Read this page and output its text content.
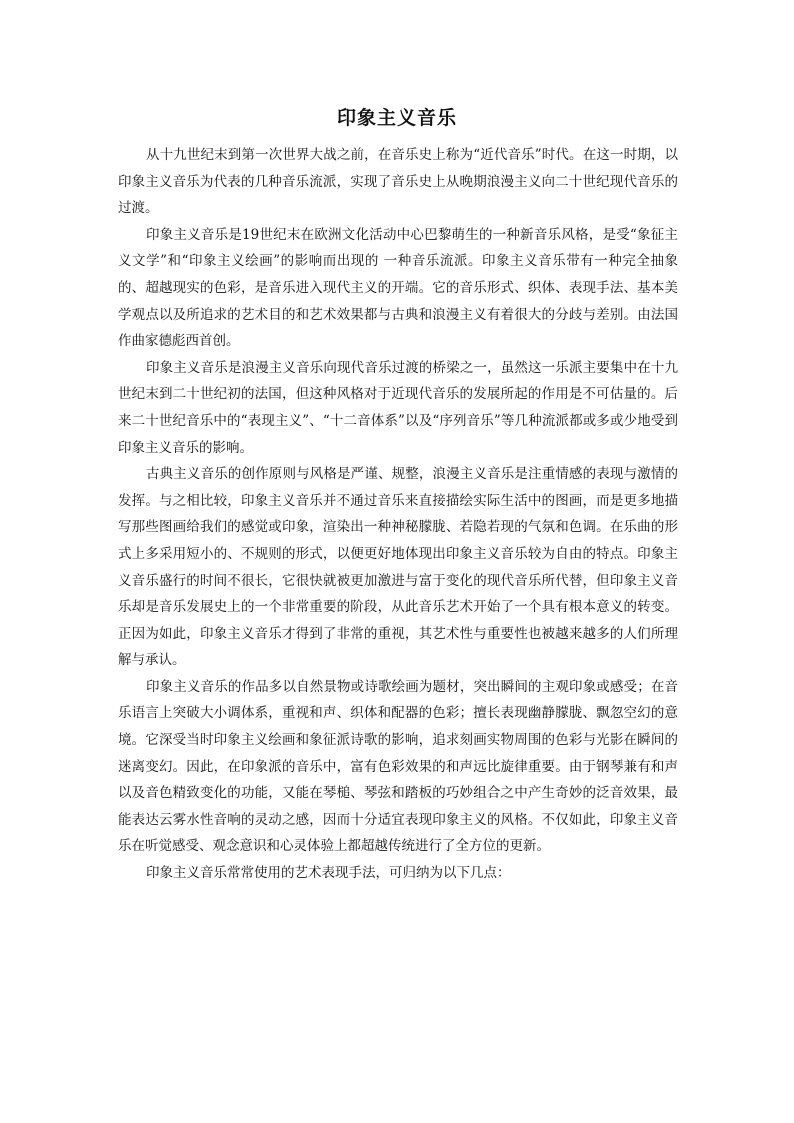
印象主义音乐

从十九世纪末到第一次世界大战之前，在音乐史上称为“近代音乐”时代。在这一时期，以印象主义音乐为代表的几种音乐流派，实现了音乐史上从晚期浪漫主义向二十世纪现代音乐的过渡。

印象主义音乐是19世纪末在欧洲文化活动中心巴黎萌生的一种新音乐风格，是受“象征主义文学”和“印象主义绘画”的影响而出现的 一种音乐流派。印象主义音乐带有一种完全抽象的、超越现实的色彩，是音乐进入现代主义的开端。它的音乐形式、织体、表现手法、基本美学观点以及所追求的艺术目的和艺术效果都与古典和浪漫主义有着很大的分歧与差别。由法国作曲家德彪西首创。

印象主义音乐是浪漫主义音乐向现代音乐过渡的桥梁之一，虽然这一乐派主要集中在十九世纪末到二十世纪初的法国，但这种风格对于近现代音乐的发展所起的作用是不可估量的。后来二十世纪音乐中的“表现主义”、“十二音体系”以及“序列音乐”等几种流派都或多或少地受到印象主义音乐的影响。

古典主义音乐的创作原则与风格是严谨、规整，浪漫主义音乐是注重情感的表现与激情的发挥。与之相比较，印象主义音乐并不通过音乐来直接描绘实际生活中的图画，而是更多地描写那些图画给我们的感觉或印象，渲染出一种神秘朦胧、若隐若现的气氛和色调。在乐曲的形式上多采用短小的、不规则的形式，以便更好地体现出印象主义音乐较为自由的特点。印象主义音乐盛行的时间不很长，它很快就被更加激进与富于变化的现代音乐所代替，但印象主义音乐却是音乐发展史上的一个非常重要的阶段，从此音乐艺术开始了一个具有根本意义的转变。正因为如此，印象主义音乐才得到了非常的重视，其艺术性与重要性也被越来越多的人们所理解与承认。

印象主义音乐的作品多以自然景物或诗歌绘画为题材，突出瞬间的主观印象或感受；在音乐语言上突破大小调体系，重视和声、织体和配器的色彩；擅长表现幽静朦胧、飘忽空幻的意境。它深受当时印象主义绘画和象征派诗歌的影响，追求刻画实物周围的色彩与光影在瞬间的迷离变幻。因此，在印象派的音乐中，富有色彩效果的和声远比旋律重要。由于钢琴兼有和声以及音色精致变化的功能，又能在琴槌、琴弦和踏板的巧妙组合之中产生奇妙的泛音效果，最能表达云雾水性音响的灵动之感，因而十分适宜表现印象主义的风格。不仅如此，印象主义音乐在听觉感受、观念意识和心灵体验上都超越传统进行了全方位的更新。

印象主义音乐常常使用的艺术表现手法，可归纳为以下几点：
